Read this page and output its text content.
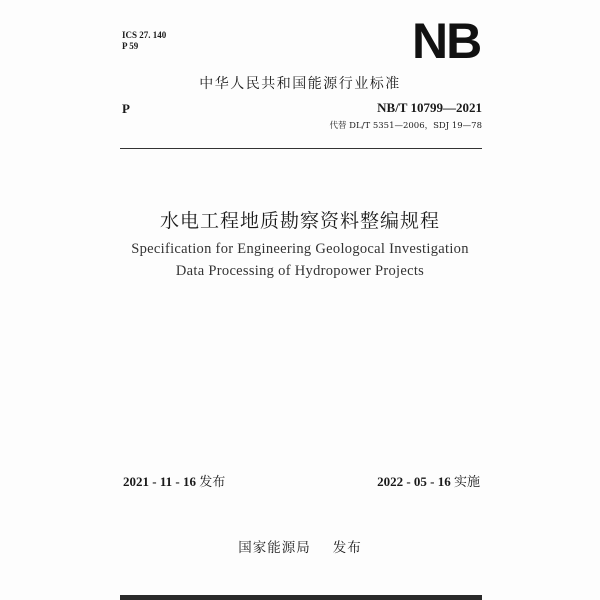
ICS 27. 140
P 59	NB
中华人民共和国能源行业标准
P	NB/T 10799—2021
代替 DL/T 5351—2006，SDJ 19—78
水电工程地质勘察资料整编规程
Specification for Engineering Geologocal Investigation
Data Processing of Hydropower Projects
2021 - 11 - 16 发布	2022 - 05 - 16 实施
国家能源局 发布
